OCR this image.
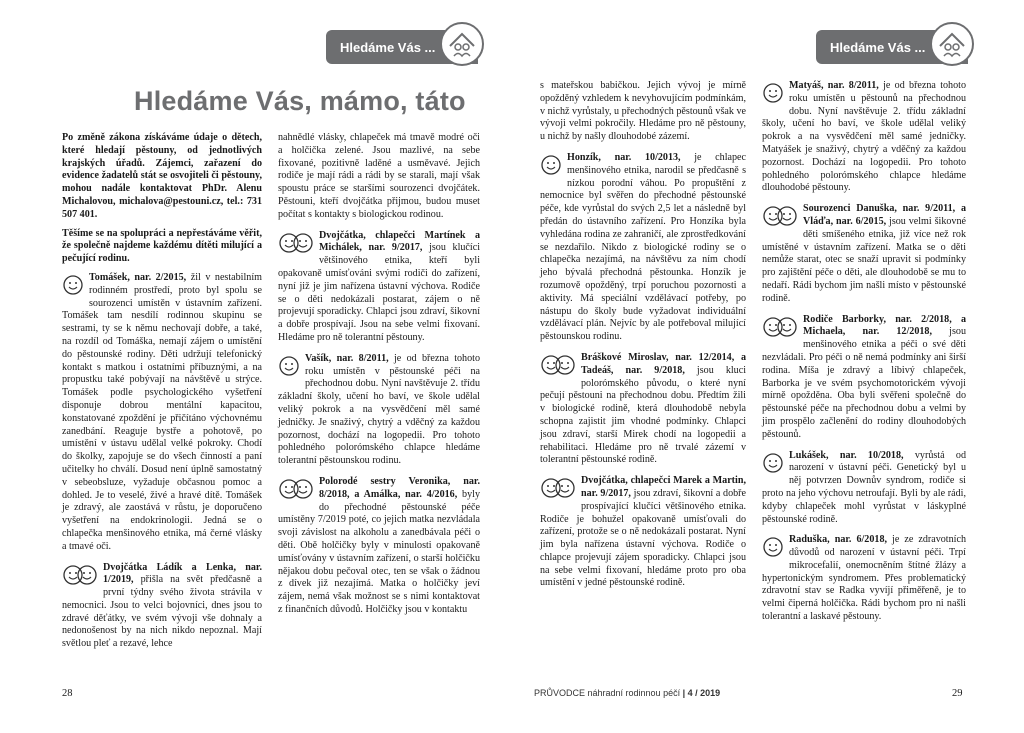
Hledáme Vás ...
Hledáme Vás, mámo, táto

Po změně zákona získáváme údaje o dětech, které hledají pěstouny, od jednotlivých krajských úřadů. Zájemci, zařazení do evidence žadatelů stát se osvojiteli či pěstouny, mohou nadále kontaktovat PhDr. Alenu Michalovou, michalova@pestouni.cz, tel.: 731 507 401.

Těšíme se na spolupráci a nepřestáváme věřit, že společně najdeme každému dítěti milující a pečující rodinu.

Tomášek, nar. 2/2015, žil v nestabilním rodinném prostředí, proto byl spolu se sourozenci umístěn v ústavním zařízení. Tomášek tam nesdílí rodinnou skupinu se sestrami, ty se k němu nechovají dobře, a také, na rozdíl od Tomáška, nemají zájem o umístění do pěstounské rodiny. Děti udržují telefonický kontakt s matkou i ostatními příbuznými, a na propustku také pobývají na návštěvě u strýce. Tomášek podle psychologického vyšetření disponuje dobrou mentální kapacitou, konstatované zpoždění je přičítáno výchovnému zanedbání. Reaguje bystře a pohotově, po umístění v ústavu udělal velké pokroky. Chodí do školky, zapojuje se do všech činností a paní učitelky ho chválí. Dosud není úplně samostatný v sebeobsluze, vyžaduje občasnou pomoc a dohled. Je to veselé, živé a hravé dítě. Tomášek je zdravý, ale zaostává v růstu, je doporučeno vyšetření na endokrinologii. Jedná se o chlapečka menšinového etnika, má černé vlásky a tmavé oči.
Dvojčátka Ládík a Lenka, nar. 1/2019, přišla na svět předčasně a první týdny svého života strávila v nemocnici. Jsou to velci bojovníci, dnes jsou to zdravé děťátky, ve svém vývoji vše dohnaly a nedonošenost by na nich nikdo nepoznal. Mají světlou pleť a rezavé, lehce
nahnědlé vlásky, chlapeček má tmavě modré oči a holčička zelené. Jsou mazlivé, na sebe fixované, pozitivně laděné a usměvavé. Jejich rodiče je mají rádi a rádi by se starali, mají však spoustu práce se staršími sourozenci dvojčátek. Pěstouni, kteří dvojčátka přijmou, budou muset počítat s kontakty s biologickou rodinou.
Dvojčátka, chlapečci Martínek a Michálek, nar. 9/2017, jsou klučíci většinového etnika, kteří byli opakovaně umísťováni svými rodiči do zařízení, nyní již je jim nařízena ústavní výchova. Rodiče se o děti nedokázali postarat, zájem o ně projevují sporadicky. Chlapci jsou zdraví, šikovní a dobře prospívají. Jsou na sebe velmi fixovaní. Hledáme pro ně tolerantní pěstouny.
Vašík, nar. 8/2011, je od března tohoto roku umístěn v pěstounské péči na přechodnou dobu. Nyní navštěvuje 2. třídu základní školy, učení ho baví, ve škole udělal veliký pokrok a na vysvědčení měl samé jedničky. Je snaživý, chytrý a vděčný za každou pozornost, dochází na logopedii. Pro tohoto pohledného polorómského chlapce hledáme tolerantní pěstounskou rodinu.
Polorodé sestry Veronika, nar. 8/2018, a Amálka, nar. 4/2016, byly do přechodné pěstounské péče umístěny 7/2019 poté, co jejich matka nezvládala svoji závislost na alkoholu a zanedbávala péči o děti. Obě holčičky byly v minulosti opakovaně umísťovány v ústavním zařízení, o starší holčičku nějakou dobu pečoval otec, ten se však o žádnou z dívek již nezajímá. Matka o holčičky jeví zájem, nemá však možnost se s nimi kontaktovat z finančních důvodů. Holčičky jsou v kontaktu
28
Hledáme Vás ...
s mateřskou babičkou. Jejich vývoj je mírně opožděný vzhledem k nevyhovujícím podmínkám, v nichž vyrůstaly, u přechodných pěstounů však ve vývoji velmi pokročily. Hledáme pro ně pěstouny, u nichž by našly dlouhodobé zázemí.
Honzík, nar. 10/2013, je chlapec menšinového etnika, narodil se předčasně s nízkou porodní váhou. Po propuštění z nemocnice byl svěřen do přechodné pěstounské péče, kde vyrůstal do svých 2,5 let a následně byl předán do ústavního zařízení. Pro Honzíka byla vyhledána rodina ze zahraničí, ale zprostředkování se nezdařilo. Nikdo z biologické rodiny se o chlapečka nezajímá, na návštěvu za ním chodí jeho bývalá přechodná pěstounka. Honzík je rozumově opožděný, trpí poruchou pozornosti a aktivity. Má speciální vzdělávací potřeby, po nástupu do školy bude vyžadovat individuální vzdělávací plán. Nejvíc by ale potřeboval milující pěstounskou rodinu.
Bráškové Miroslav, nar. 12/2014, a Tadeáš, nar. 9/2018, jsou kluci polorómského původu, o které nyní pečují pěstouni na přechodnou dobu. Předtím žili v biologické rodině, která dlouhodobě nebyla schopna zajistit jim vhodné podmínky. Chlapci jsou zdraví, starší Mirek chodí na logopedii a rehabilitaci. Hledáme pro ně trvalé zázemí v tolerantní pěstounské rodině.
Dvojčátka, chlapečci Marek a Martin, nar. 9/2017, jsou zdraví, šikovní a dobře prospívající klučíci většinového etnika. Rodiče je bohužel opakovaně umísťovali do zařízení, protože se o ně nedokázali postarat. Nyní jim byla nařízena ústavní výchova. Rodiče o chlapce projevují zájem sporadicky. Chlapci jsou na sebe velmi fixovaní, hledáme proto pro oba umístění v jedné pěstounské rodině.
Matyáš, nar. 8/2011, je od března tohoto roku umístěn u pěstounů na přechodnou dobu. Nyní navštěvuje 2. třídu základní školy, učení ho baví, ve škole udělal veliký pokrok a na vysvědčení měl samé jedničky. Matyášek je snaživý, chytrý a vděčný za každou pozornost. Dochází na logopedii. Pro tohoto pohledného polorómského chlapce hledáme dlouhodobé pěstouny.
Sourozenci Danuška, nar. 9/2011, a Vláďa, nar. 6/2015, jsou velmi šikovné děti smíšeného etnika, již více než rok umístěné v ústavním zařízení. Matka se o děti nemůže starat, otec se snaží upravit si podmínky pro zajištění péče o děti, ale dlouhodobě se mu to nedaří. Rádi bychom jim našli místo v pěstounské rodině.
Rodiče Barborky, nar. 2/2018, a Michaela, nar. 12/2018, jsou menšinového etnika a péči o své děti nezvládali. Pro péči o ně nemá podmínky ani širší rodina. Míša je zdravý a líbivý chlapeček, Barborka je ve svém psychomotorickém vývoji mírně opožděna. Oba byli svěřeni společně do pěstounské péče na přechodnou dobu a velmi by jim prospělo začlenění do rodiny dlouhodobých pěstounů.
Lukášek, nar. 10/2018, vyrůstá od narození v ústavní péči. Genetický byl u něj potvrzen Downův syndrom, rodiče si proto na jeho výchovu netroufají. Byli by ale rádi, kdyby chlapeček mohl vyrůstat v láskyplné pěstounské rodině.
Raduška, nar. 6/2018, je ze zdravotních důvodů od narození v ústavní péči. Trpí mikrocefalií, onemocněním štítné žlázy a hypertonickým syndromem. Přes problematický zdravotní stav se Radka vyvíjí přiměřeně, je to velmi čiperná holčička. Rádi bychom pro ni našli tolerantní a laskavé pěstouny.
PRŮVODCE náhradní rodinnou péčí | 4 / 2019	29
